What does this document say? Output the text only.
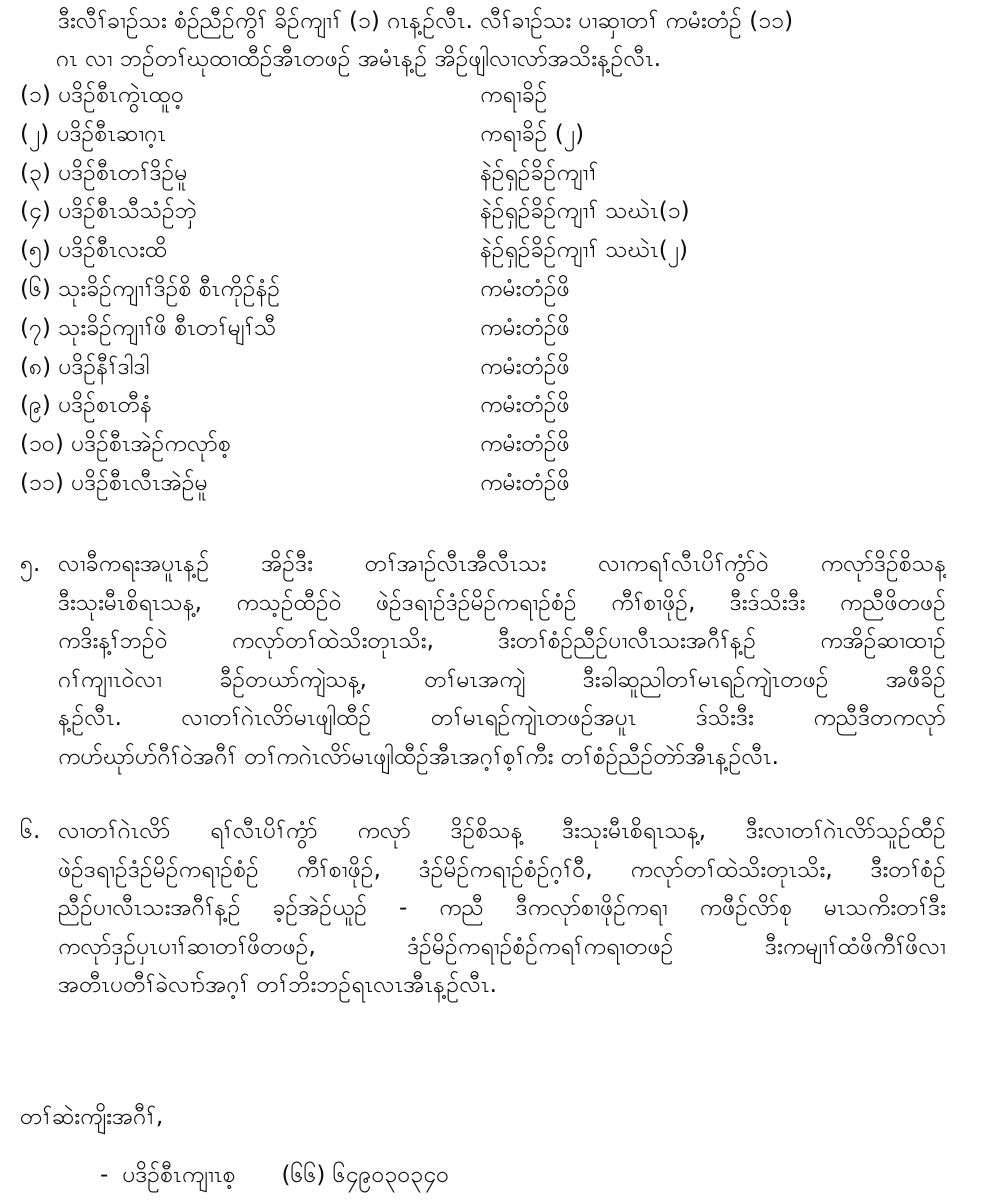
ဒီးလီၢ်ခၢဉ်သး စံဉ်ညီဉ်ကွိၢ် ခိဉ်ကျၢၢ် (၁) ဂၤန့ဉ်လီၤ. လီၢ်ခၢဉ်သး ပၢဆှၢတၢ် ကမံးတံဉ် (၁၁)
ဂၤ လၢ ဘဉ်တၢ်ဃုထၢထီဉ်အီၤတဖဉ် အမံၤန့ဉ် အိဉ်ဖျါလၢလာ်အသိးန့ဉ်လီၤ.
(၁) ပဒိဉ်စီၤကွဲၤထူဝ့	ကရၢခိဉ်
(၂) ပဒိဉ်စီၤဆၢဂ့ၤ	ကရၢခိဉ် (၂)
(၃) ပဒိဉ်စီၤတၢ်ဒိဉ်မူ	နဲဉ်ရှဉ်ခိဉ်ကျၢၢ်
(၄) ပဒိဉ်စီၤသီသံဉ်ဘှဲ	နဲဉ်ရှဉ်ခိဉ်ကျၢၢ် သဃဲၤ(၁)
(၅) ပဒိဉ်စီၤလးထိ	နဲဉ်ရှဉ်ခိဉ်ကျၢၢ် သဃဲၤ(၂)
(၆) သုးခိဉ်ကျၢၢ်ဒိဉ်စိ စီၤကိုဉ်နံဉ်	ကမံးတံဉ်ဖိ
(၇) သုးခိဉ်ကျၢၢ်ဖိ စီၤတၢ်မျၢ်သီ	ကမံးတံဉ်ဖိ
(၈) ပဒိဉ်နီၢ်ဒါဒါ	ကမံးတံဉ်ဖိ
(၉) ပဒိဉ်စၤတီနံ	ကမံးတံဉ်ဖိ
(၁၀) ပဒိဉ်စီၤအဲဉ်ကလုာ်စ့	ကမံးတံဉ်ဖိ
(၁၁) ပဒိဉ်စီၤလီၤအဲဉ်မူ	ကမံးတံဉ်ဖိ
၅. လၢခီကရးအပူၤန့ဉ် အိဉ်ဒီး တၢ်အၢဉ်လီၤအီလီၤသး လၢကရၢ်လီၤပိၢ်ကွံာ်ဝဲ ကလုာ်ဒိဉ်စိသန့
ဒီးသုးမီၤစိရၤသန့, ကသ့ဉ်ထီဉ်ဝဲ ဖဲဉ်ဒရၢဉ်ဒံဉ်မိဉ်ကရၢဉ်စံဉ် ကီၢ်စၢဖိုဉ်, ဒီးဒ်သိးဒီး ကညီဖိတဖဉ်
ကဒိးန့ၢ်ဘဉ်ဝဲ ကလုာ်တၢ်ထဲသိးတုၤသိး, ဒီးတၢ်စံဉ်ညီဉ်ပၢလီၤသးအဂီၢ်န့ဉ် ကအိဉ်ဆၢထၢဉ်
ဂၢ်ကျၢၤဝဲလၢ ခီဉ်တယာ်ကျဲသန့, တၢ်မၤအကျဲ ဒီးခါဆူညါတၢ်မၤရဉ်ကျဲၤတဖဉ် အဖီခိဉ်
န့ဉ်လီၤ. လၢတၢ်ဂဲၤလိာ်မၤဖျါထီဉ် တၢ်မၤရဉ်ကျဲၤတဖဉ်အပူၤ ဒ်သိးဒီး ကညီဒီတကလုာ်
ကပာ်ဃုာ်ပာ်ဂီၢ်ဝဲအဂီၢ် တၢ်ကဂဲၤလိာ်မၤဖျါထီဉ်အီၤအဂ့ၢ်စ့ၢ်ကီး တၢ်စံဉ်ညီဉ်တဲာ်အီၤန့ဉ်လီၤ.
၆. လၢတၢ်ဂဲၤလိာ် ရၢ်လီၤပိၢ်ကွံာ် ကလုာ် ဒိဉ်စိသန့ ဒီးသုးမီၤစိရၤသန့, ဒီးလၢတၢ်ဂဲၤလိာ်သူဉ်ထီဉ်
ဖဲဉ်ဒရၢဉ်ဒံဉ်မိဉ်ကရၢဉ်စံဉ် ကီၢ်စၢဖိုဉ်, ဒံဉ်မိဉ်ကရၢဉ်စံဉ်ဂ့ၢ်ဝီ, ကလုာ်တၢ်ထဲသိးတုၤသိး, ဒီးတၢ်စံဉ်
ညီဉ်ပၢလီၤသးအဂီၢ်န့ဉ် ခ့ဉ်အဲဉ်ယူဉ် - ကညီ ဒီကလုာ်စၢဖိုဉ်ကရၢ ကဖီဉ်လိာ်စု မၤသကိးတၢ်ဒီး
ကလုာ်ဒှဉ်ပှၤပၢၢ်ဆၢတၢ်ဖိတဖဉ်, ဒံဉ်မိဉ်ကရၢဉ်စံဉ်ကရၢ်ကရၢတဖဉ် ဒီးကမျၢၢ်ထံဖိကီၢ်ဖိလၢ
အတီၤပတီၢ်ခဲလၢာ်အဂ့ၢ် တၢ်ဘိးဘဉ်ရၤလၤအီၤန့ဉ်လီၤ.
တၢ်ဆဲးကျိးအဂီၢ်,
- ပဒိဉ်စီၤကျၢၤစ့ (၆၆) ၆၄၉၀၃၀၃၄၀
